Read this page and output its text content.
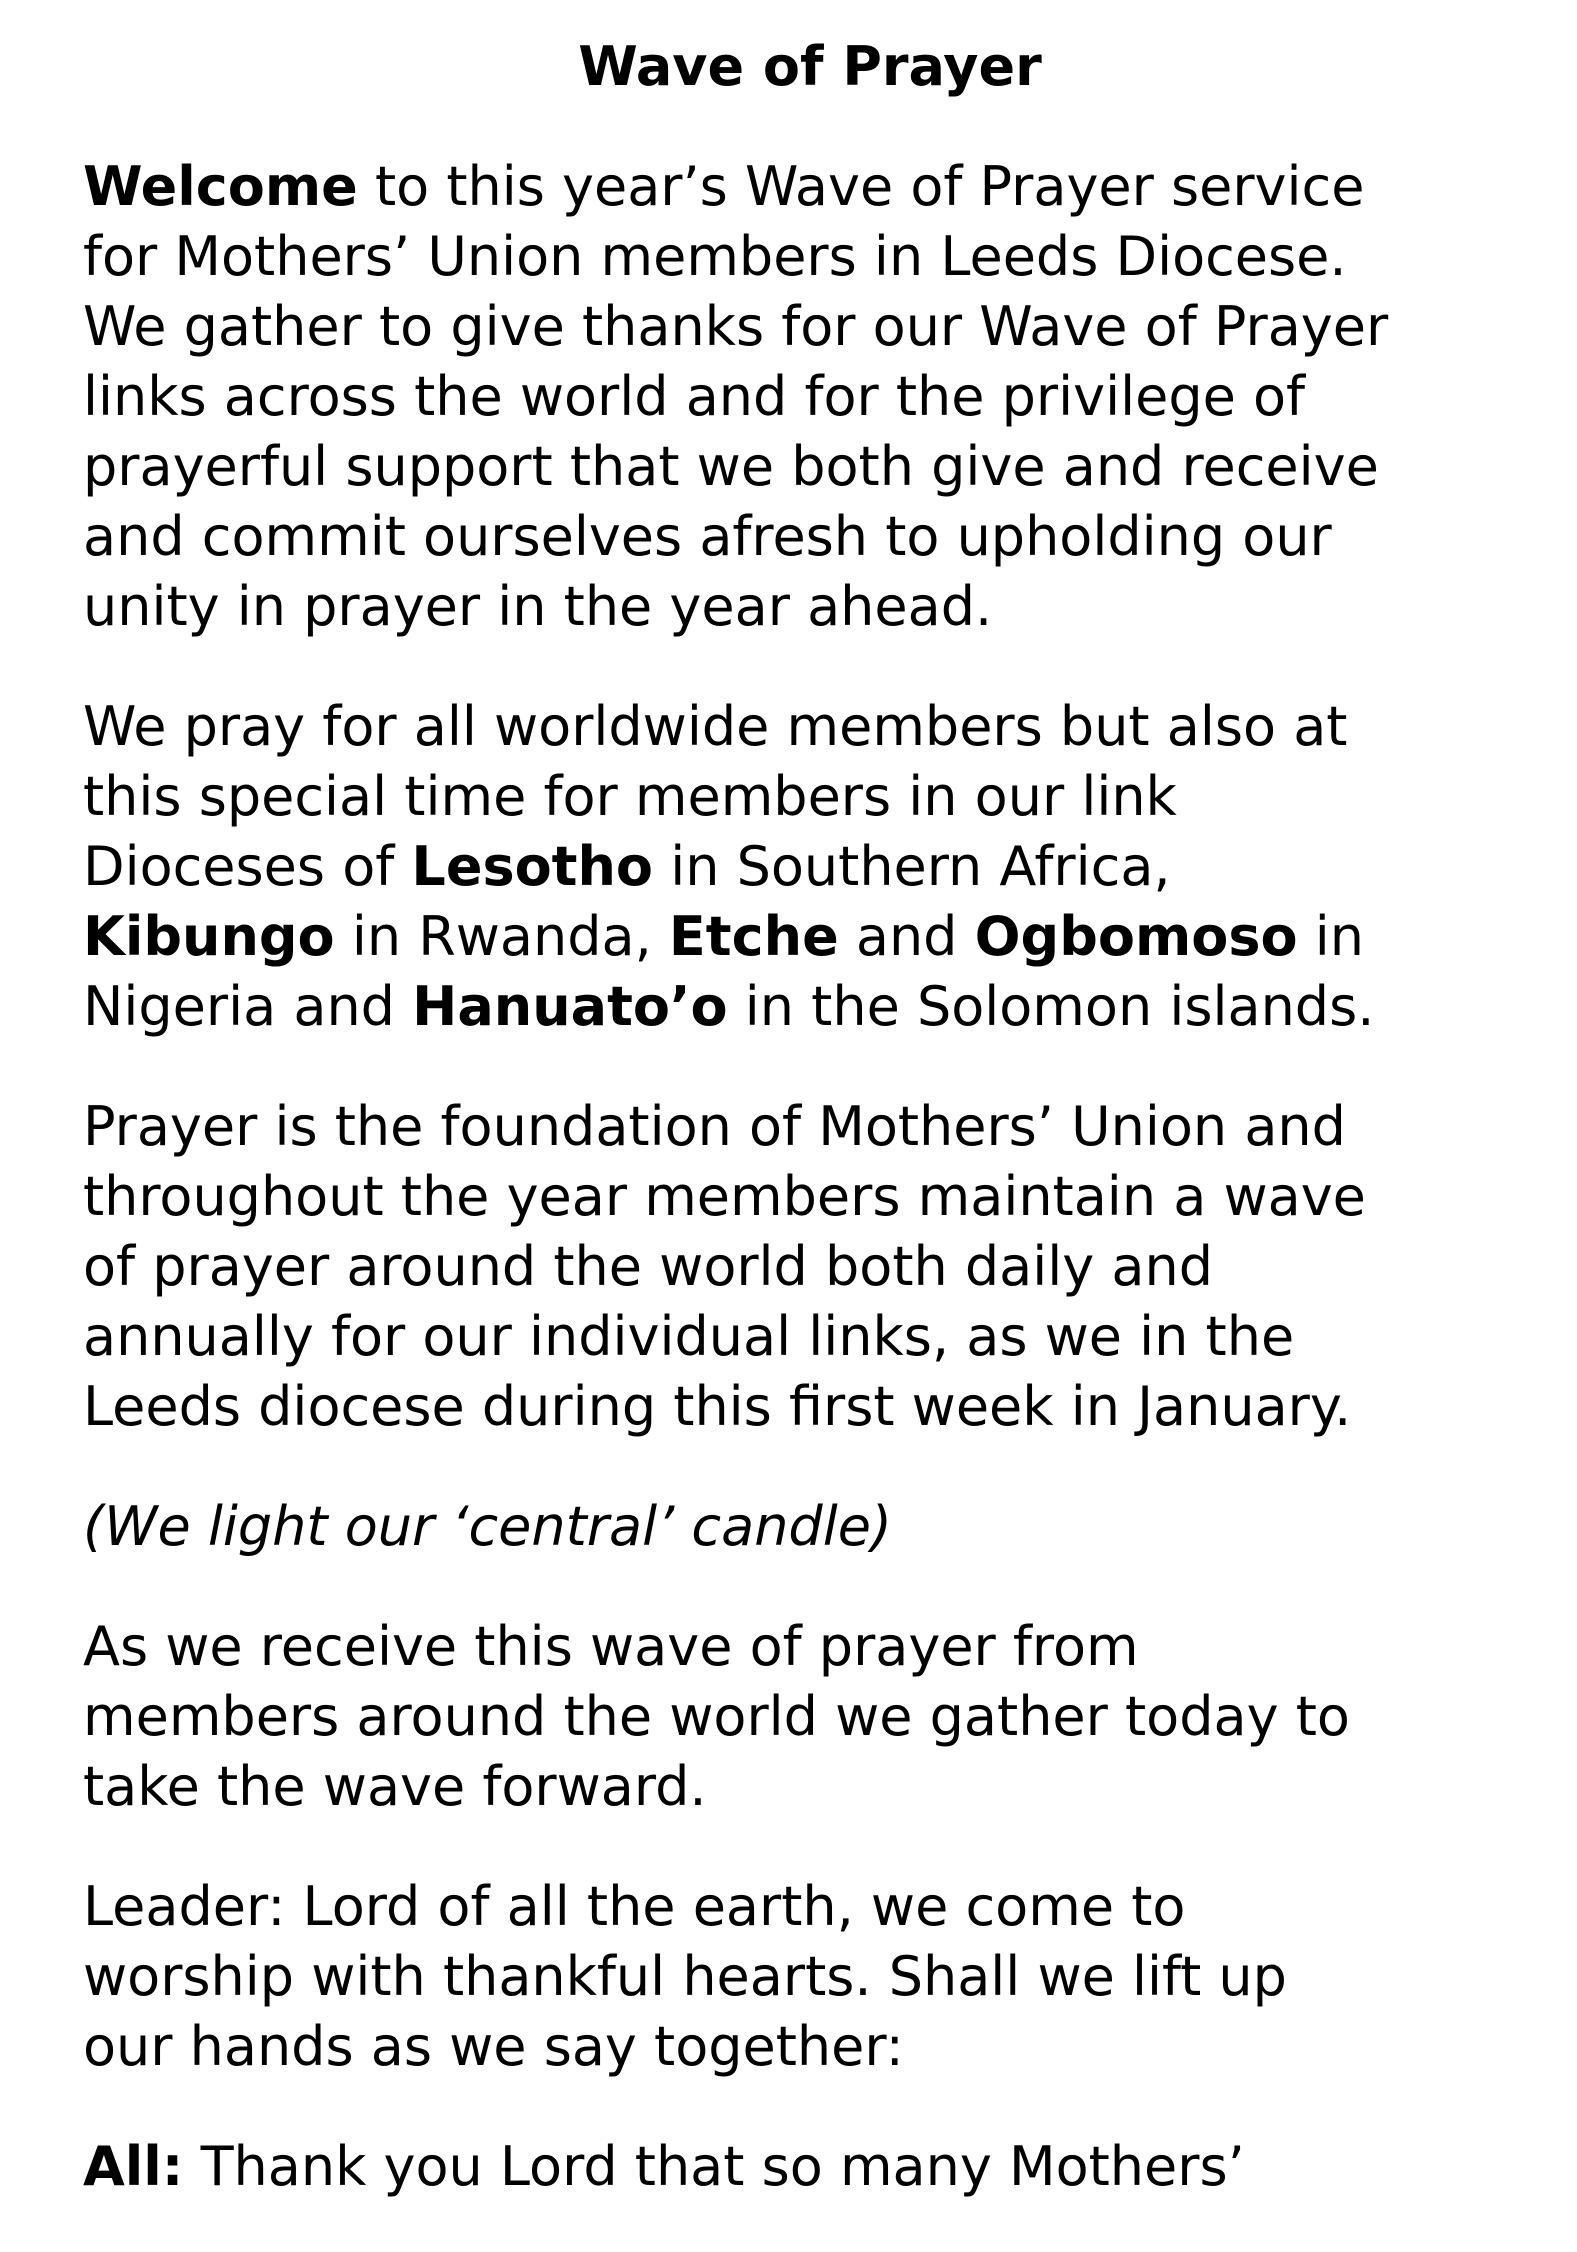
Wave of Prayer

Welcome to this year’s Wave of Prayer service
for Mothers’ Union members in Leeds Diocese.
We gather to give thanks for our Wave of Prayer
links across the world and for the privilege of
prayerful support that we both give and receive
and commit ourselves afresh to upholding our
unity in prayer in the year ahead.

We pray for all worldwide members but also at
this special time for members in our link
Dioceses of Lesotho in Southern Africa,
Kibungo in Rwanda, Etche and Ogbomoso in
Nigeria and Hanuato’o in the Solomon islands.

Prayer is the foundation of Mothers’ Union and
throughout the year members maintain a wave
of prayer around the world both daily and
annually for our individual links, as we in the
Leeds diocese during this first week in January.

(We light our ‘central’ candle)

As we receive this wave of prayer from
members around the world we gather today to
take the wave forward.

Leader: Lord of all the earth, we come to
worship with thankful hearts. Shall we lift up
our hands as we say together:

All: Thank you Lord that so many Mothers’
